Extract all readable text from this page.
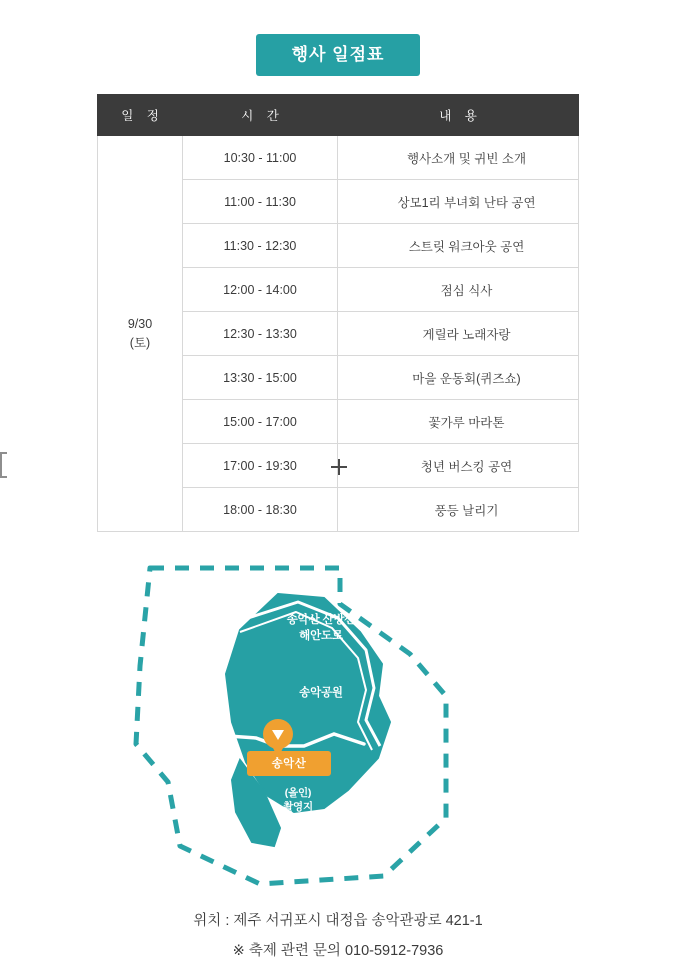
행사 일점표
일 정	시 간	내 용
9/30
(토)	10:30 - 11:00	행사소개 및 귀빈 소개
	11:00 - 11:30	상모1리 부녀회 난타 공연
	11:30 - 12:30	스트릿 워크아웃 공연
	12:00 - 14:00	점심 식사
	12:30 - 13:30	게릴라 노래자랑
	13:30 - 15:00	마을 운동회(퀴즈쇼)
	15:00 - 17:00	꽃가루 마라톤
	17:00 - 19:30	청년 버스킹 공연
	18:00 - 18:30	풍등 날리기
송악산 산방산
해안도로
송악공원
송악산
(올인)
촬영지
위치 : 제주 서귀포시 대정읍 송악관광로 421-1
※ 축제 관련 문의 010-5912-7936
